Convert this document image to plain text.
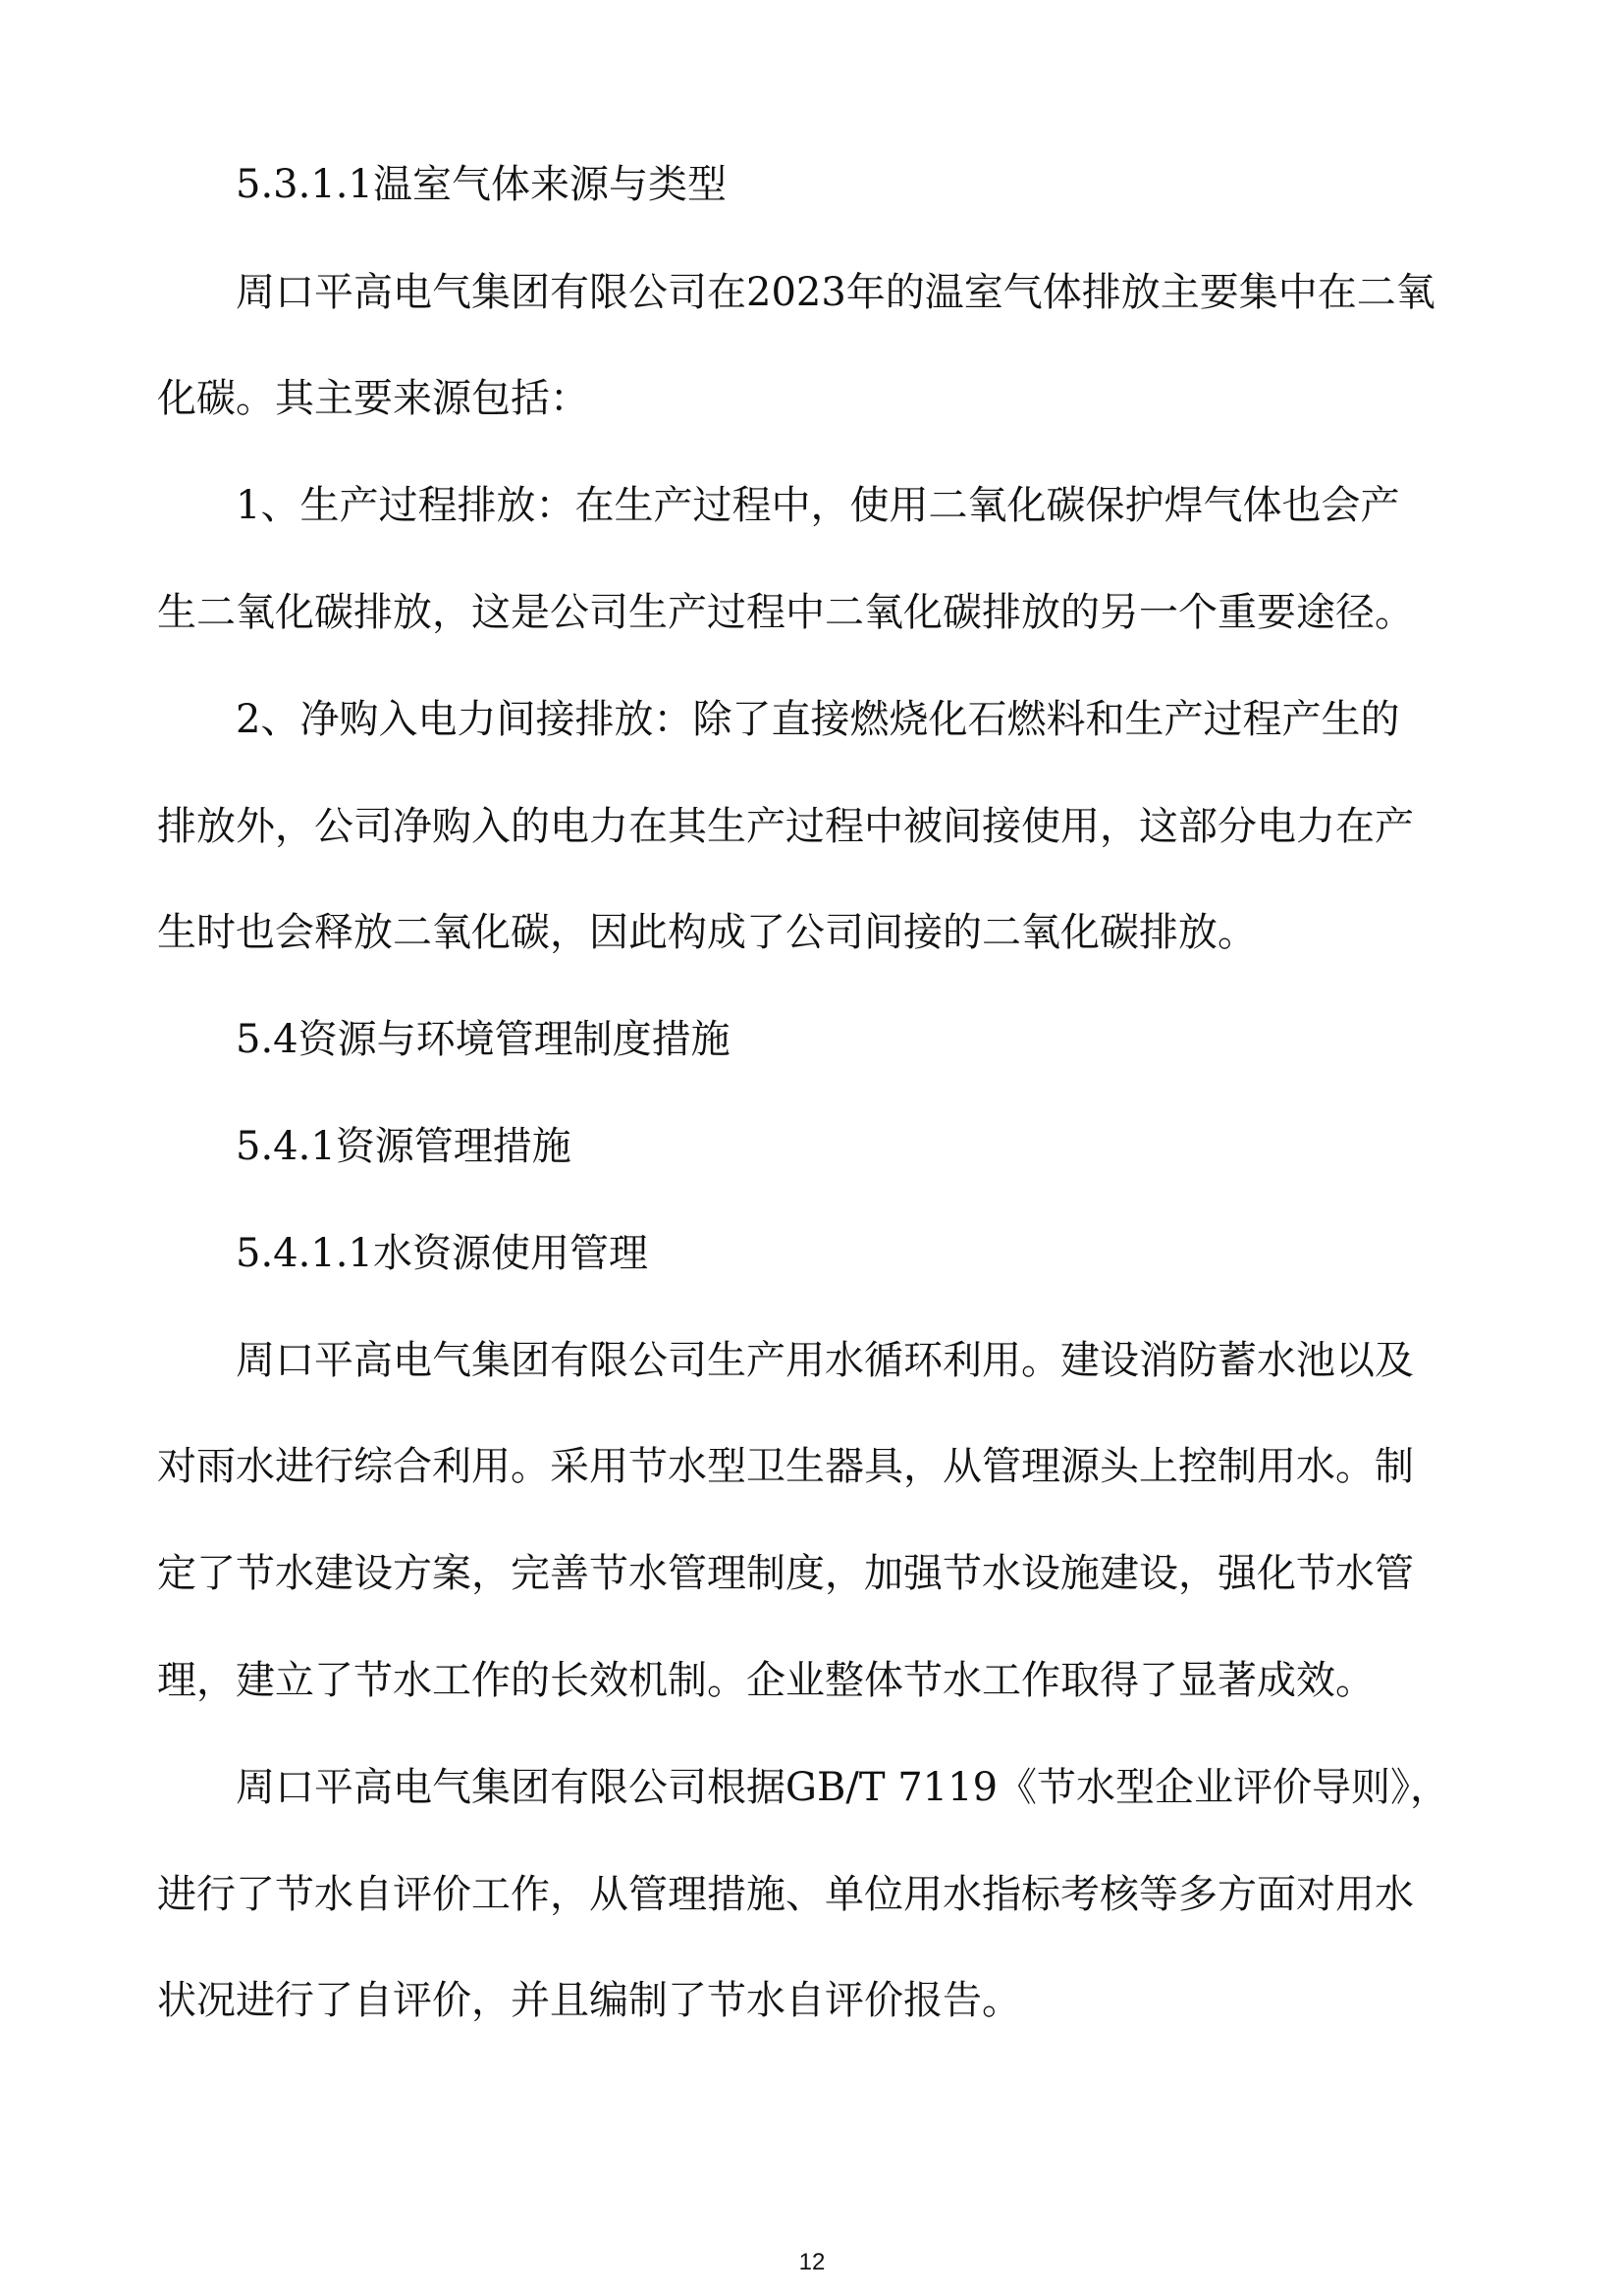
5.3.1.1温室气体来源与类型
周口平高电气集团有限公司在2023年的温室气体排放主要集中在二氧
化碳。其主要来源包括：
1、生产过程排放：在生产过程中，使用二氧化碳保护焊气体也会产
生二氧化碳排放，这是公司生产过程中二氧化碳排放的另一个重要途径。
2、净购入电力间接排放：除了直接燃烧化石燃料和生产过程产生的
排放外，公司净购入的电力在其生产过程中被间接使用，这部分电力在产
生时也会释放二氧化碳，因此构成了公司间接的二氧化碳排放。
5.4资源与环境管理制度措施
5.4.1资源管理措施
5.4.1.1水资源使用管理
周口平高电气集团有限公司生产用水循环利用。建设消防蓄水池以及
对雨水进行综合利用。采用节水型卫生器具，从管理源头上控制用水。制
定了节水建设方案，完善节水管理制度，加强节水设施建设，强化节水管
理，建立了节水工作的长效机制。企业整体节水工作取得了显著成效。
周口平高电气集团有限公司根据GB/T 7119《节水型企业评价导则》，
进行了节水自评价工作，从管理措施、单位用水指标考核等多方面对用水
状况进行了自评价，并且编制了节水自评价报告。
12
